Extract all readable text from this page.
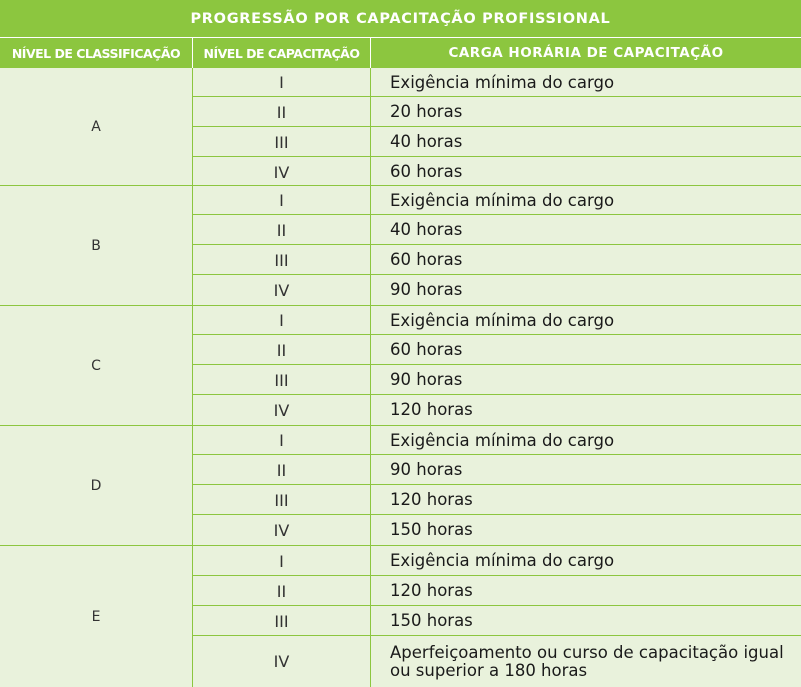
PROGRESSÃO POR CAPACITAÇÃO PROFISSIONAL
NÍVEL DE CLASSIFICAÇÃO	NÍVEL DE CAPACITAÇÃO	CARGA HORÁRIA DE CAPACITAÇÃO
A
I	Exigência mínima do cargo
II	20 horas
III	40 horas
IV	60 horas
B
I	Exigência mínima do cargo
II	40 horas
III	60 horas
IV	90 horas
C
I	Exigência mínima do cargo
II	60 horas
III	90 horas
IV	120 horas
D
I	Exigência mínima do cargo
II	90 horas
III	120 horas
IV	150 horas
E
I	Exigência mínima do cargo
II	120 horas
III	150 horas
IV	Aperfeiçoamento ou curso de capacitação igual ou superior a 180 horas
